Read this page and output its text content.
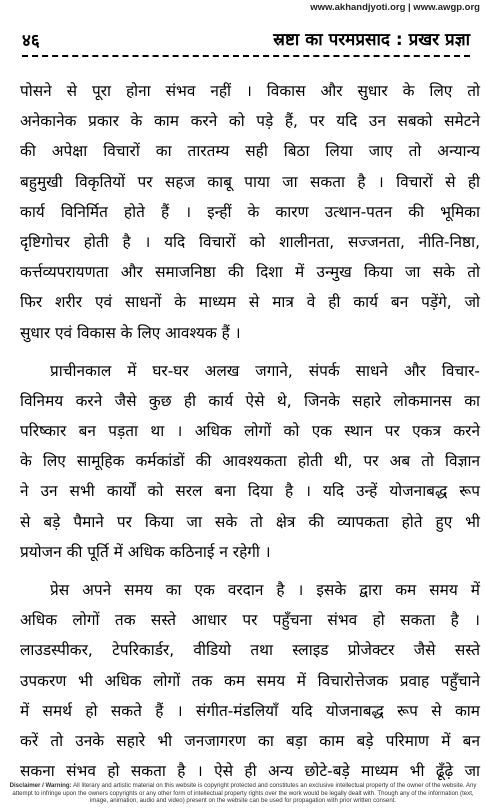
www.akhandjyoti.org | www.awgp.org
४६	स्रष्टा का परमप्रसाद : प्रखर प्रज्ञा
पोसने से पूरा होना संभव नहीं । विकास और सुधार के लिए तो
अनेकानेक प्रकार के काम करने को पड़े हैं, पर यदि उन सबको समेटने
की अपेक्षा विचारों का तारतम्य सही बिठा लिया जाए तो अन्यान्य
बहुमुखी विकृतियों पर सहज काबू पाया जा सकता है । विचारों से ही
कार्य विनिर्मित होते हैं । इन्हीं के कारण उत्थान-पतन की भूमिका
दृष्टिगोचर होती है । यदि विचारों को शालीनता, सज्जनता, नीति-निष्ठा,
कर्त्तव्यपरायणता और समाजनिष्ठा की दिशा में उन्मुख किया जा सके तो
फिर शरीर एवं साधनों के माध्यम से मात्र वे ही कार्य बन पड़ेंगे, जो
सुधार एवं विकास के लिए आवश्यक हैं ।
प्राचीनकाल में घर-घर अलख जगाने, संपर्क साधने और विचार-
विनिमय करने जैसे कुछ ही कार्य ऐसे थे, जिनके सहारे लोकमानस का
परिष्कार बन पड़ता था । अधिक लोगों को एक स्थान पर एकत्र करने
के लिए सामूहिक कर्मकांडों की आवश्यकता होती थी, पर अब तो विज्ञान
ने उन सभी कार्यों को सरल बना दिया है । यदि उन्हें योजनाबद्ध रूप
से बड़े पैमाने पर किया जा सके तो क्षेत्र की व्यापकता होते हुए भी
प्रयोजन की पूर्ति में अधिक कठिनाई न रहेगी ।
प्रेस अपने समय का एक वरदान है । इसके द्वारा कम समय में
अधिक लोगों तक सस्ते आधार पर पहुँचना संभव हो सकता है ।
लाउडस्पीकर, टेपरिकार्डर, वीडियो तथा स्लाइड प्रोजेक्टर जैसे सस्ते
उपकरण भी अधिक लोगों तक कम समय में विचारोत्तेजक प्रवाह पहुँचाने
में समर्थ हो सकते हैं । संगीत-मंडलियाँ यदि योजनाबद्ध रूप से काम
करें तो उनके सहारे भी जनजागरण का बड़ा काम बड़े परिमाण में बन
सकना संभव हो सकता है । ऐसे ही अन्य छोटे-बड़े माध्यम भी ढूँढ़े जा
Disclaimer / Warning: All literary and artistic material on this website is copyright protected and constitutes an exclusive intellectual property of the owner of the website. Any attempt to infringe upon the owners copyrights or any other form of intellectual property rights over the work would be legally dealt with. Though any of the information (text, image, animation, audio and video) present on the website can be used for propagation with prior written consent.
